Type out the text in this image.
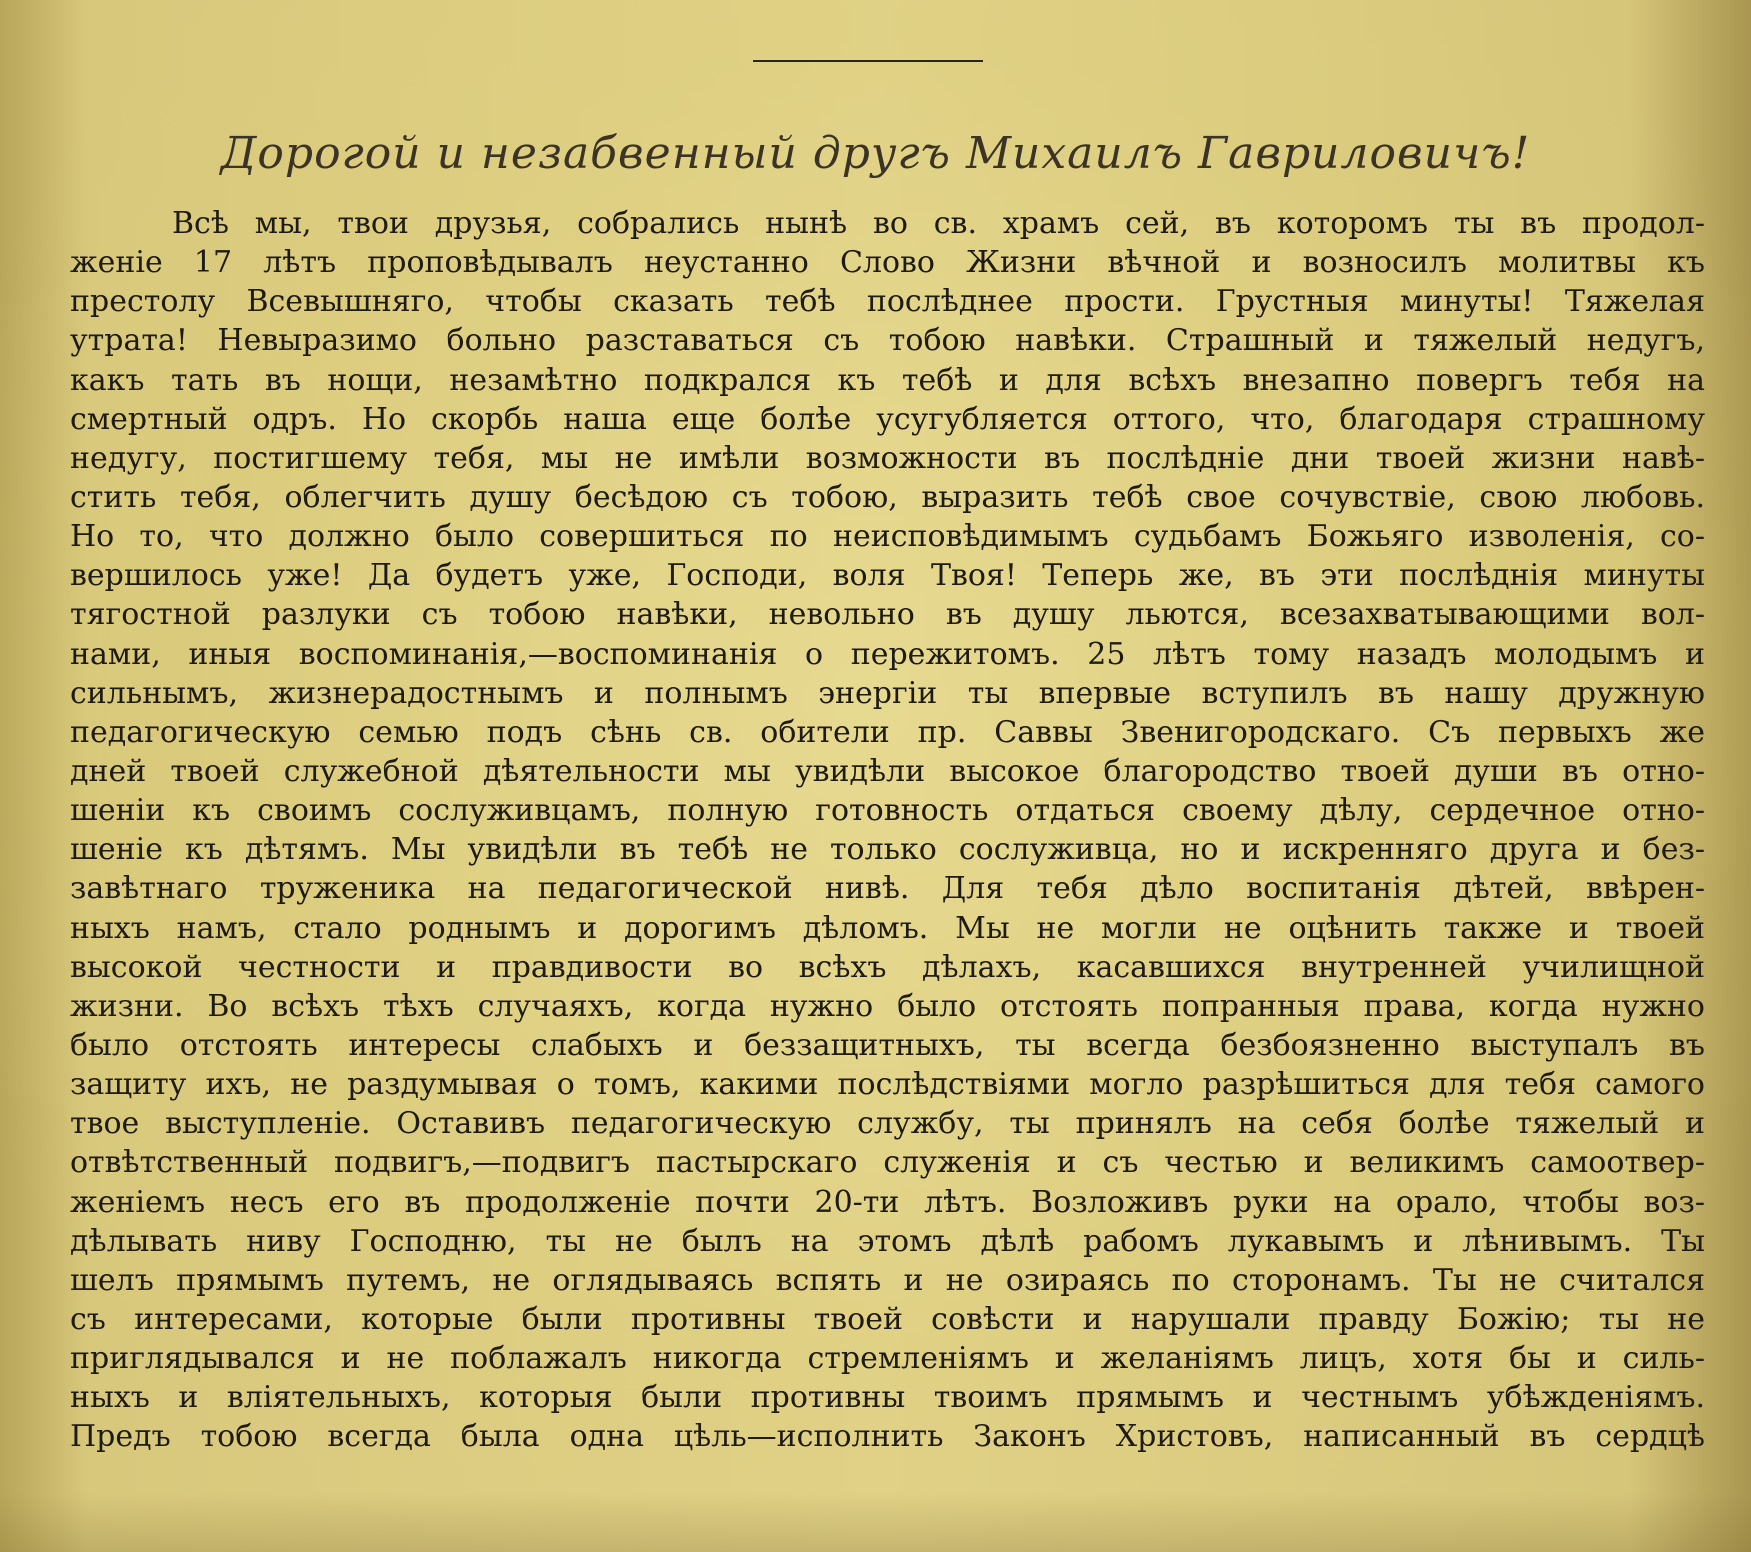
Дорогой и незабвенный другъ Михаилъ Гавриловичъ!
Всѣ мы, твои друзья, собрались нынѣ во св. храмъ сей, въ которомъ ты въ продол-
женіе 17 лѣтъ проповѣдывалъ неустанно Слово Жизни вѣчной и возносилъ молитвы къ
престолу Всевышняго, чтобы сказать тебѣ послѣднее прости. Грустныя минуты! Тяжелая
утрата! Невыразимо больно разставаться съ тобою навѣки. Страшный и тяжелый недугъ,
какъ тать въ нощи, незамѣтно подкрался къ тебѣ и для всѣхъ внезапно повергъ тебя на
смертный одръ. Но скорбь наша еще болѣе усугубляется оттого, что, благодаря страшному
недугу, постигшему тебя, мы не имѣли возможности въ послѣдніе дни твоей жизни навѣ-
стить тебя, облегчить душу бесѣдою съ тобою, выразить тебѣ свое сочувствіе, свою любовь.
Но то, что должно было совершиться по неисповѣдимымъ судьбамъ Божьяго изволенія, со-
вершилось уже! Да будетъ уже, Господи, воля Твоя! Теперь же, въ эти послѣднія минуты
тягостной разлуки съ тобою навѣки, невольно въ душу льются, всезахватывающими вол-
нами, иныя воспоминанія,—воспоминанія о пережитомъ. 25 лѣтъ тому назадъ молодымъ и
сильнымъ, жизнерадостнымъ и полнымъ энергіи ты впервые вступилъ въ нашу дружную
педагогическую семью подъ сѣнь св. обители пр. Саввы Звенигородскаго. Съ первыхъ же
дней твоей служебной дѣятельности мы увидѣли высокое благородство твоей души въ отно-
шеніи къ своимъ сослуживцамъ, полную готовность отдаться своему дѣлу, сердечное отно-
шеніе къ дѣтямъ. Мы увидѣли въ тебѣ не только сослуживца, но и искренняго друга и без-
завѣтнаго труженика на педагогической нивѣ. Для тебя дѣло воспитанія дѣтей, ввѣрен-
ныхъ намъ, стало роднымъ и дорогимъ дѣломъ. Мы не могли не оцѣнить также и твоей
высокой честности и правдивости во всѣхъ дѣлахъ, касавшихся внутренней училищной
жизни. Во всѣхъ тѣхъ случаяхъ, когда нужно было отстоять попранныя права, когда нужно
было отстоять интересы слабыхъ и беззащитныхъ, ты всегда безбоязненно выступалъ въ
защиту ихъ, не раздумывая о томъ, какими послѣдствіями могло разрѣшиться для тебя самого
твое выступленіе. Оставивъ педагогическую службу, ты принялъ на себя болѣе тяжелый и
отвѣтственный подвигъ,—подвигъ пастырскаго служенія и съ честью и великимъ самоотвер-
женіемъ несъ его въ продолженіе почти 20-ти лѣтъ. Возложивъ руки на орало, чтобы воз-
дѣлывать ниву Господню, ты не былъ на этомъ дѣлѣ рабомъ лукавымъ и лѣнивымъ. Ты
шелъ прямымъ путемъ, не оглядываясь вспять и не озираясь по сторонамъ. Ты не считался
съ интересами, которые были противны твоей совѣсти и нарушали правду Божію; ты не
приглядывался и не поблажалъ никогда стремленіямъ и желаніямъ лицъ, хотя бы и силь-
ныхъ и вліятельныхъ, которыя были противны твоимъ прямымъ и честнымъ убѣжденіямъ.
Предъ тобою всегда была одна цѣль—исполнить Законъ Христовъ, написанный въ сердцѣ
